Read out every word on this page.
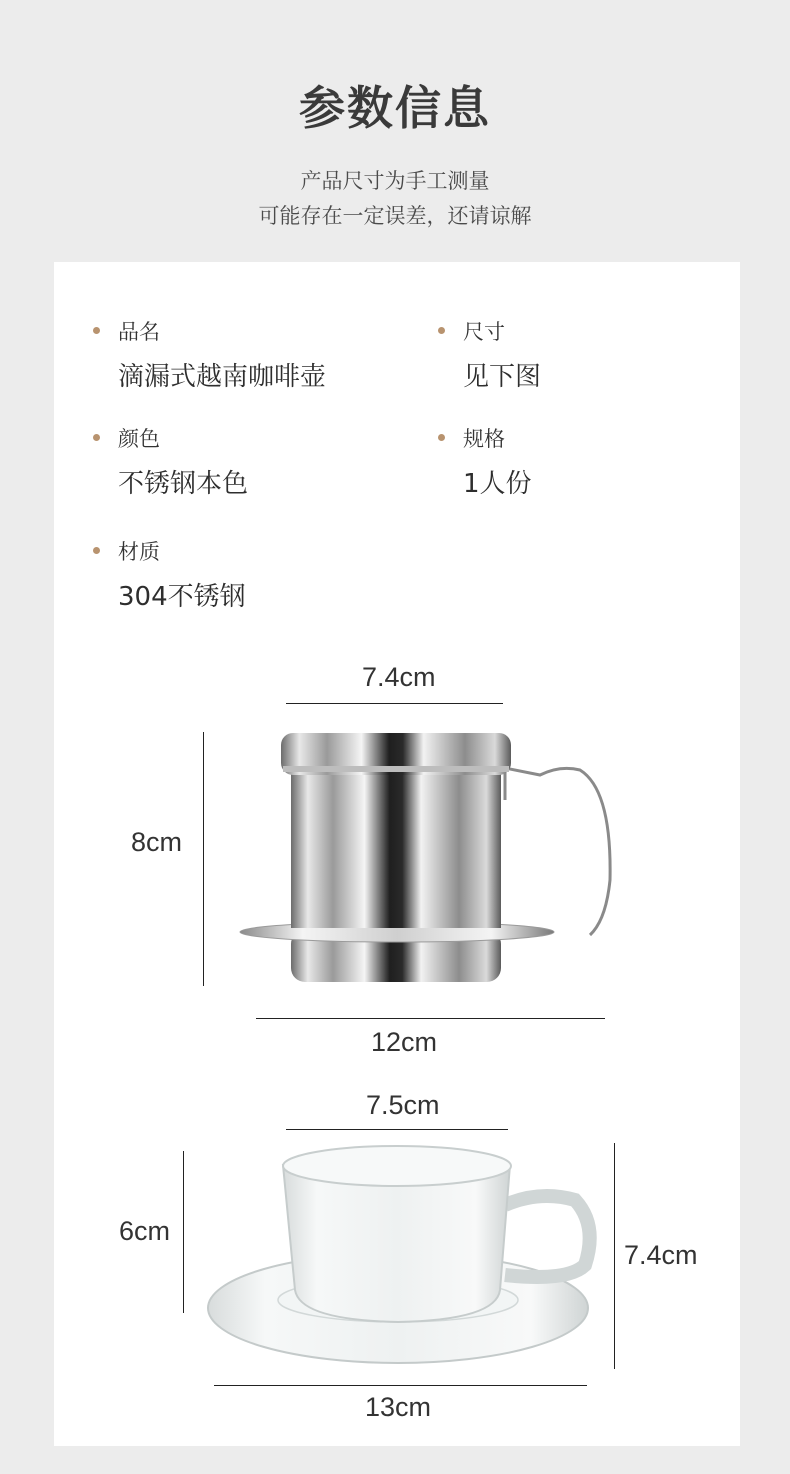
参数信息
产品尺寸为手工测量
可能存在一定误差，还请谅解
品名
滴漏式越南咖啡壶
尺寸
见下图
颜色
不锈钢本色
规格
1人份
材质
304不锈钢
7.4cm
8cm
12cm
7.5cm
6cm
7.4cm
13cm
